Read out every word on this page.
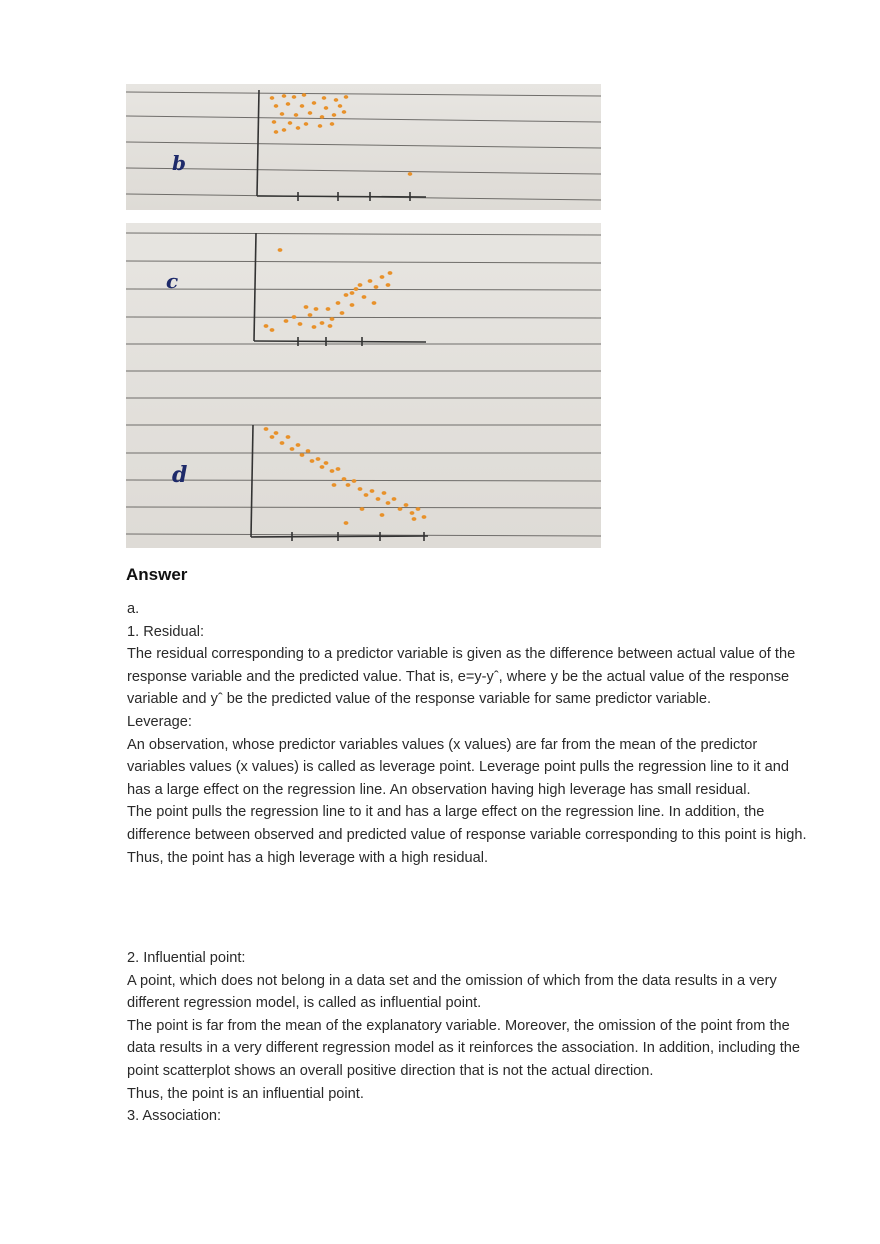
b
c
d
Answer

a.

1. Residual:

The residual corresponding to a predictor variable is given as the difference between actual value of the response variable and the predicted value. That is, e=y-yˆ, where y be the actual value of the response variable and yˆ be the predicted value of the response variable for same predictor variable.

Leverage:

An observation, whose predictor variables values (x values) are far from the mean of the predictor variables values (x values) is called as leverage point. Leverage point pulls the regression line to it and has a large effect on the regression line. An observation having high leverage has small residual.

The point pulls the regression line to it and has a large effect on the regression line. In addition, the difference between observed and predicted value of response variable corresponding to this point is high.

Thus, the point has a high leverage with a high residual.

2. Influential point:

A point, which does not belong in a data set and the omission of which from the data results in a very different regression model, is called as influential point.

The point is far from the mean of the explanatory variable. Moreover, the omission of the point from the data results in a very different regression model as it reinforces the association. In addition, including the point scatterplot shows an overall positive direction that is not the actual direction.

Thus, the point is an influential point.

3. Association:
